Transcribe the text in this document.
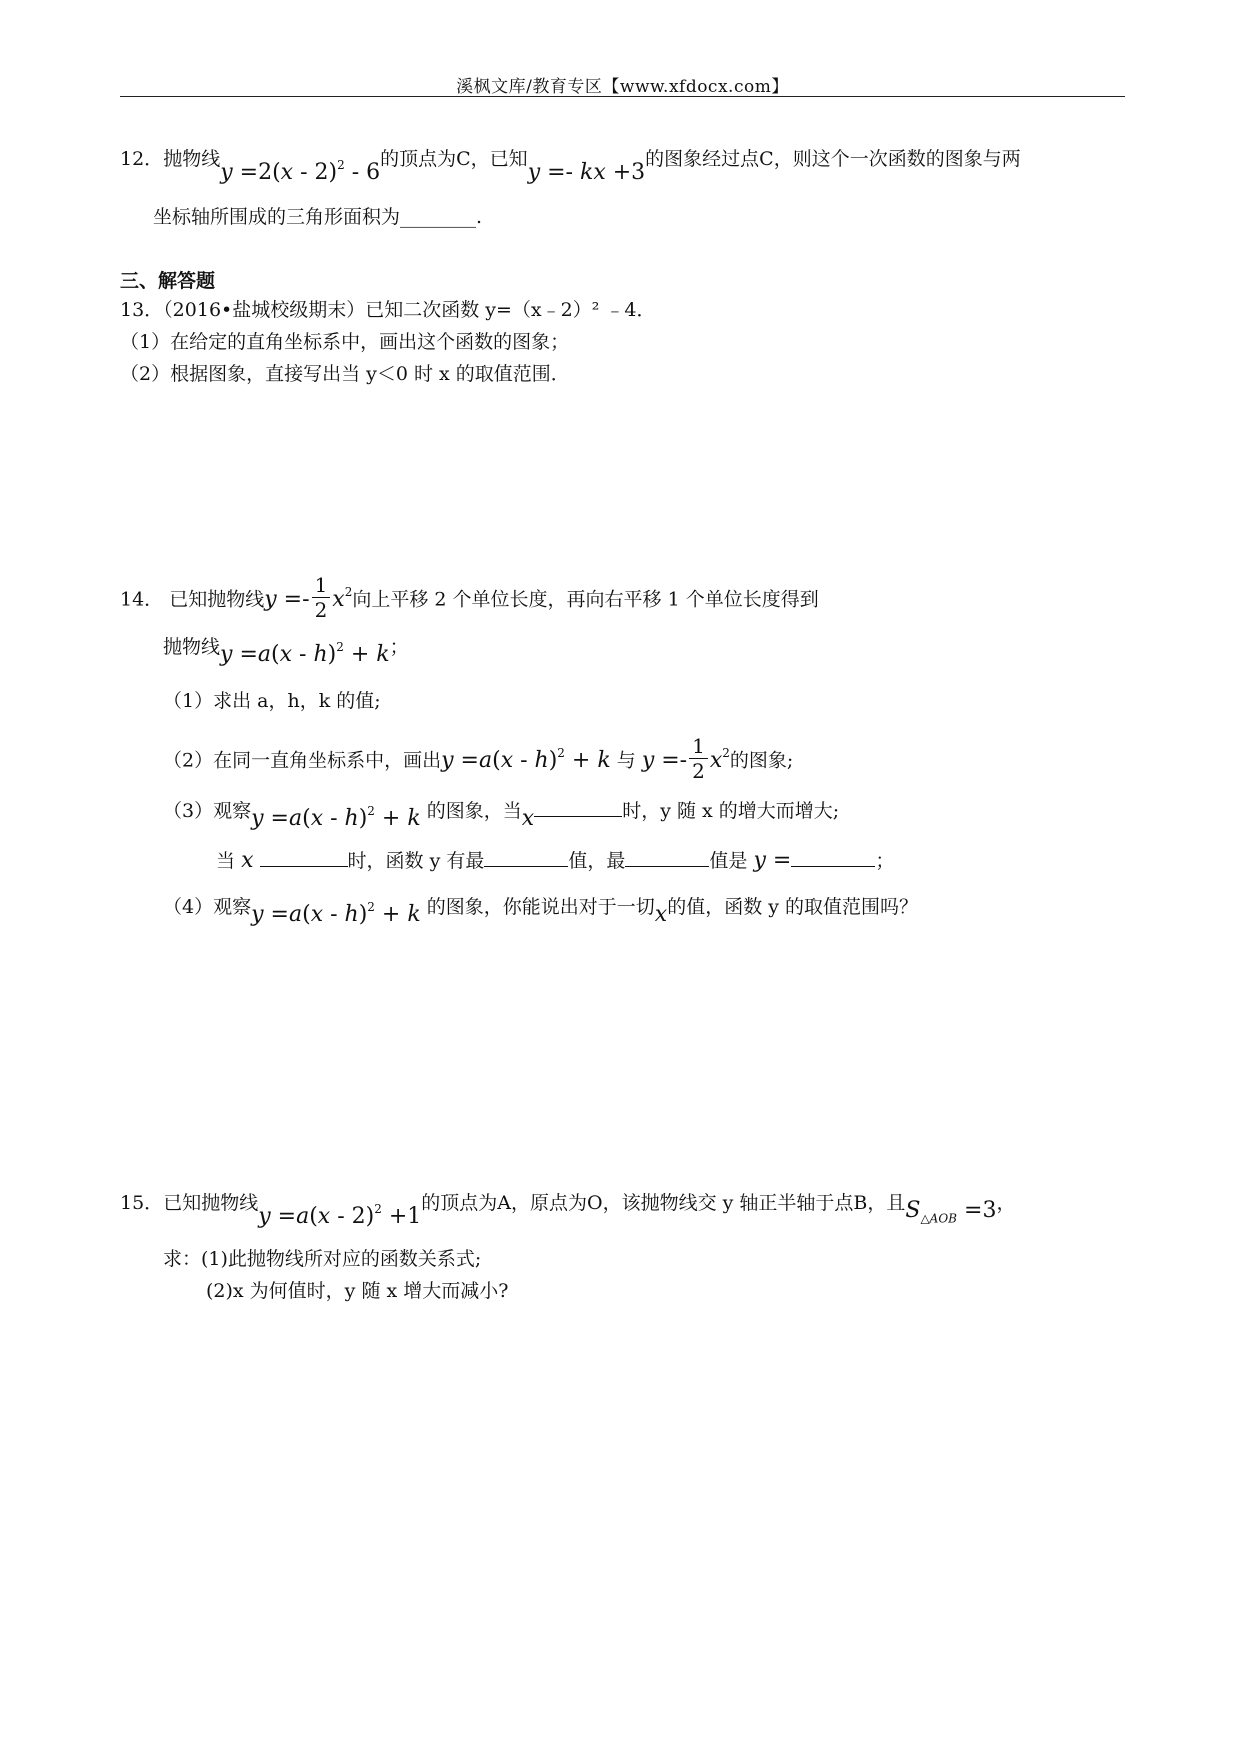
溪枫文库/教育专区【www.xfdocx.com】
12．抛物线y =2(x - 2)$^2$ - 6的顶点为C，已知y =- kx +3的图象经过点C，则这个一次函数的图象与两
坐标轴所围成的三角形面积为________.
三、解答题
13．（2016•盐城校级期末）已知二次函数 y=（x﹣2）² ﹣4．
（1）在给定的直角坐标系中，画出这个函数的图象；
（2）根据图象，直接写出当 y＜0 时 x 的取值范围．
14． 已知抛物线$y =- \frac{1}{2} x^2$向上平移 2 个单位长度，再向右平移 1 个单位长度得到
抛物线y =a(x - h)$^2$ + k；
（1）求出 a，h，k 的值;
（2）在同一直角坐标系中，画出y =a(x - h)$^2$ + k 与 $y =- \frac{1}{2} x^2$的图象;
（3）观察y =a(x - h)$^2$ + k 的图象，当x	时，y 随 x 的增大而增大;
当 x	时，函数 y 有最	值，最	值是 y =	；
（4）观察y =a(x - h)$^2$ + k 的图象，你能说出对于一切x的值，函数 y 的取值范围吗？
15．已知抛物线y =a(x - 2)$^2$ +1的顶点为A，原点为O，该抛物线交 y 轴正半轴于点B，且$S_{\triangle AOB} =3$，
求：(1)此抛物线所对应的函数关系式;
(2)x 为何值时，y 随 x 增大而减小?
